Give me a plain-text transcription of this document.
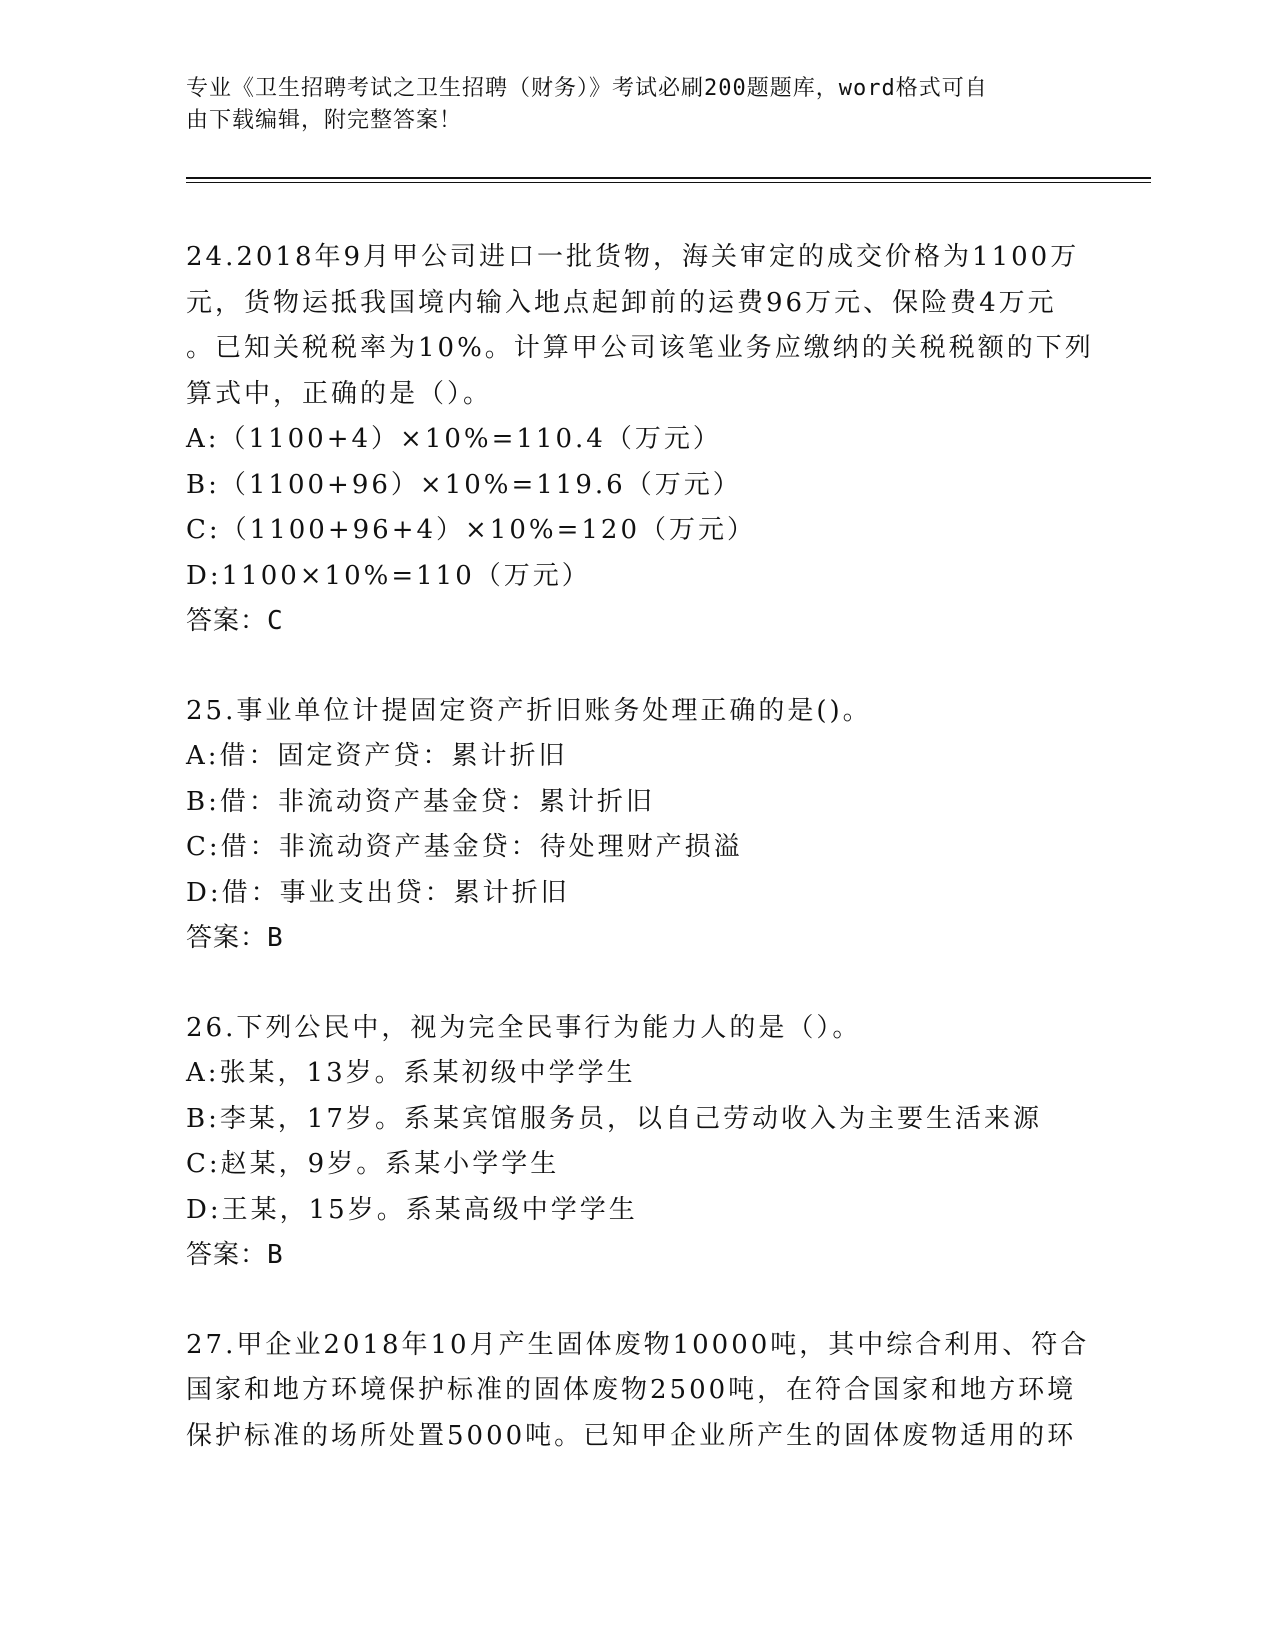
专业《卫生招聘考试之卫生招聘（财务）》考试必刷200题题库，word格式可自
由下载编辑，附完整答案！
24.2018年9月甲公司进口一批货物，海关审定的成交价格为1100万
元，货物运抵我国境内输入地点起卸前的运费96万元、保险费4万元
。已知关税税率为10%。计算甲公司该笔业务应缴纳的关税税额的下列
算式中，正确的是（）。
A:（1100+4）×10%=110.4（万元）
B:（1100+96）×10%=119.6（万元）
C:（1100+96+4）×10%=120（万元）
D:1100×10%=110（万元）
答案：C
25.事业单位计提固定资产折旧账务处理正确的是()。
A:借：固定资产贷：累计折旧
B:借：非流动资产基金贷：累计折旧
C:借：非流动资产基金贷：待处理财产损溢
D:借：事业支出贷：累计折旧
答案：B
26.下列公民中，视为完全民事行为能力人的是（）。
A:张某，13岁。系某初级中学学生
B:李某，17岁。系某宾馆服务员，以自己劳动收入为主要生活来源
C:赵某，9岁。系某小学学生
D:王某，15岁。系某高级中学学生
答案：B
27.甲企业2018年10月产生固体废物10000吨，其中综合利用、符合
国家和地方环境保护标准的固体废物2500吨，在符合国家和地方环境
保护标准的场所处置5000吨。已知甲企业所产生的固体废物适用的环
